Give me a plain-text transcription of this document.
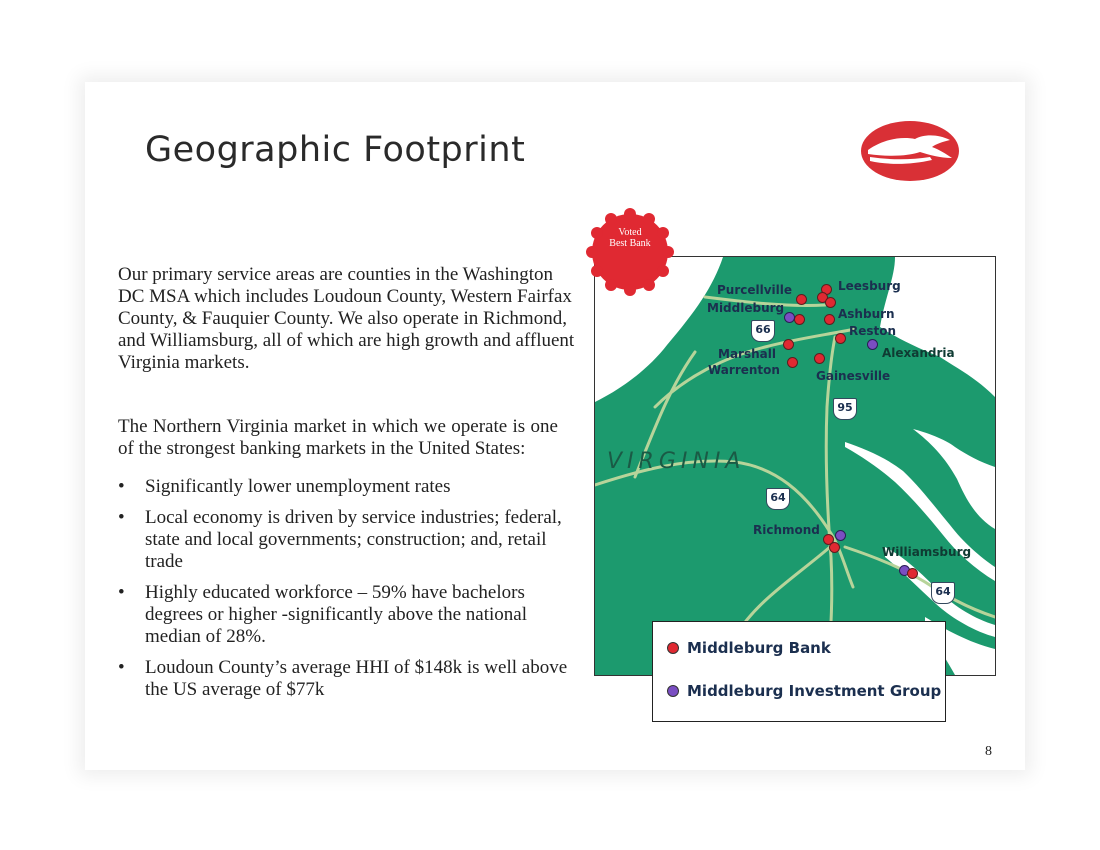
Geographic Footprint

Our primary service areas are counties in the Washington DC MSA which includes Loudoun County, Western Fairfax County, & Fauquier County. We also operate in Richmond, and Williamsburg, all of which are high growth and affluent Virginia markets.

The Northern Virginia market in which we operate is one of the strongest banking markets in the United States:

• Significantly lower unemployment rates
• Local economy is driven by service industries; federal, state and local governments; construction; and, retail trade
• Highly educated workforce – 59% have bachelors degrees or higher -significantly above the national median of 28%.
• Loudoun County’s average HHI of $148k is well above the US average of $77k
VIRGINIA
Purcellville
Middleburg
Leesburg
Ashburn
Reston
Alexandria
Marshall
Warrenton	Gainesville
Richmond
Williamsburg
66
95
64
64
Voted
Best Bank
Middleburg Bank
Middleburg Investment Group
8
